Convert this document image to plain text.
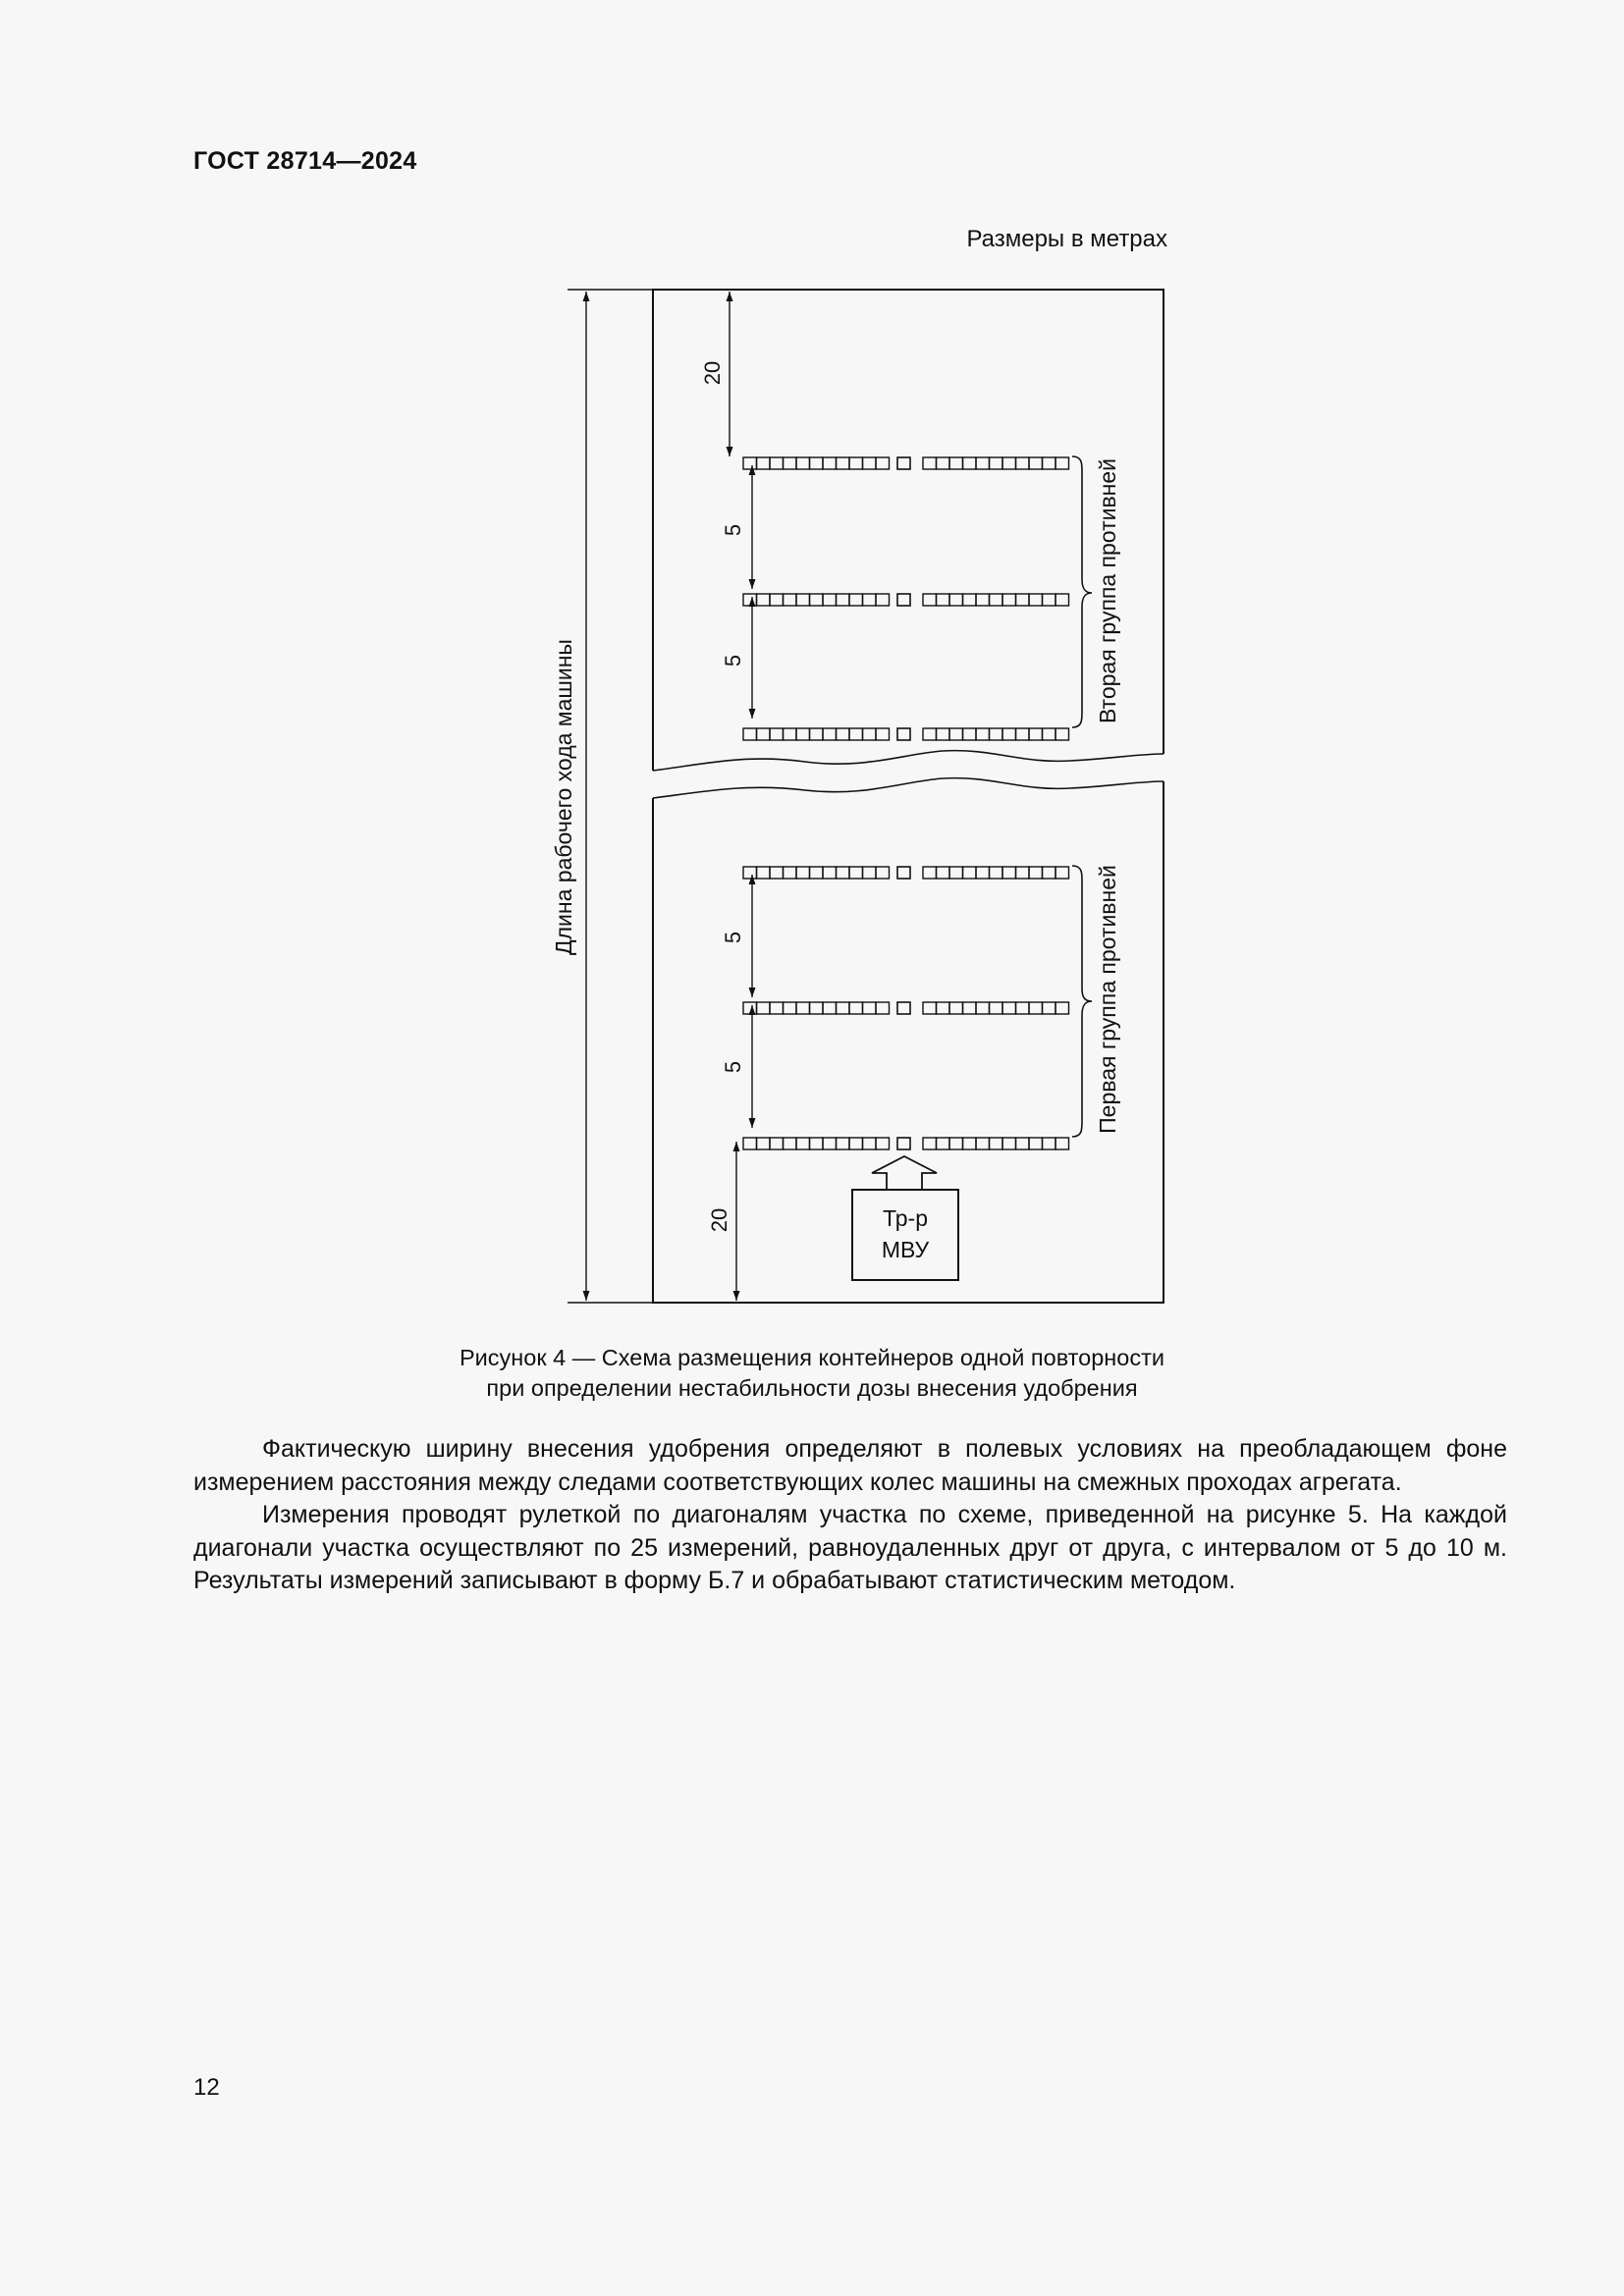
ГОСТ 28714—2024
Размеры в метрах
Длина рабочего хода машины
20
5
5
5
5
20
Вторая группа противней
Первая группа противней
Тр-р
МВУ
Рисунок 4 — Схема размещения контейнеров одной повторности
при определении нестабильности дозы внесения удобрения

Фактическую ширину внесения удобрения определяют в полевых условиях на преобладающем фоне измерением расстояния между следами соответствующих колес машины на смежных проходах агрегата.

Измерения проводят рулеткой по диагоналям участка по схеме, приведенной на рисунке 5. На каждой диагонали участка осуществляют по 25 измерений, равноудаленных друг от друга, с интервалом от 5 до 10 м. Результаты измерений записывают в форму Б.7 и обрабатывают статистическим методом.

12
